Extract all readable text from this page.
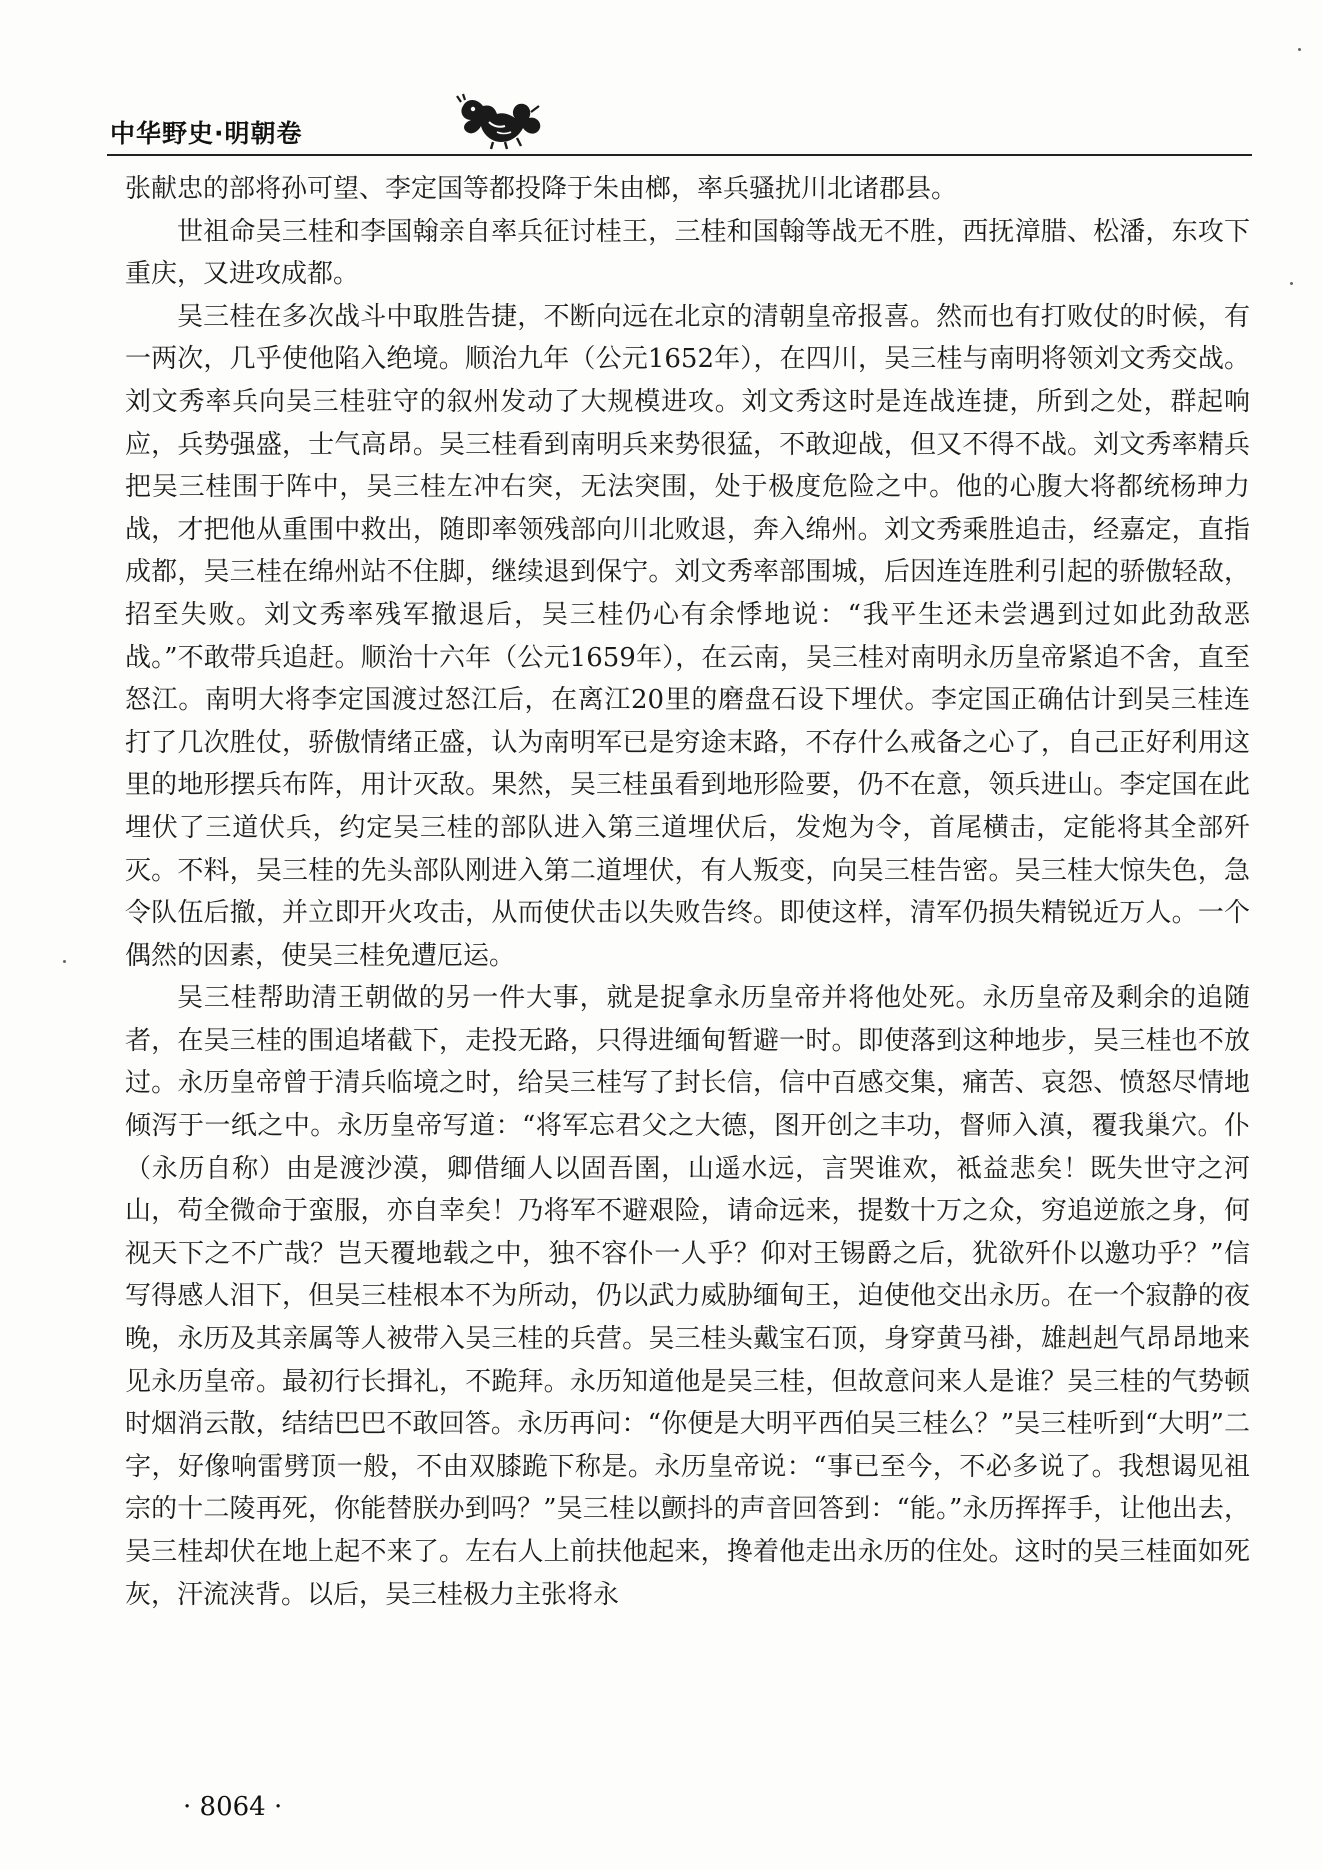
中华野史·明朝卷

张献忠的部将孙可望、李定国等都投降于朱由榔，率兵骚扰川北诸郡县。

世祖命吴三桂和李国翰亲自率兵征讨桂王，三桂和国翰等战无不胜，西抚漳腊、松潘，东攻下重庆，又进攻成都。

吴三桂在多次战斗中取胜告捷，不断向远在北京的清朝皇帝报喜。然而也有打败仗的时候，有一两次，几乎使他陷入绝境。顺治九年（公元1652年），在四川，吴三桂与南明将领刘文秀交战。刘文秀率兵向吴三桂驻守的叙州发动了大规模进攻。刘文秀这时是连战连捷，所到之处，群起响应，兵势强盛，士气高昂。吴三桂看到南明兵来势很猛，不敢迎战，但又不得不战。刘文秀率精兵把吴三桂围于阵中，吴三桂左冲右突，无法突围，处于极度危险之中。他的心腹大将都统杨珅力战，才把他从重围中救出，随即率领残部向川北败退，奔入绵州。刘文秀乘胜追击，经嘉定，直指成都，吴三桂在绵州站不住脚，继续退到保宁。刘文秀率部围城，后因连连胜利引起的骄傲轻敌，招至失败。刘文秀率残军撤退后，吴三桂仍心有余悸地说：“我平生还未尝遇到过如此劲敌恶战。”不敢带兵追赶。顺治十六年（公元1659年），在云南，吴三桂对南明永历皇帝紧追不舍，直至怒江。南明大将李定国渡过怒江后，在离江20里的磨盘石设下埋伏。李定国正确估计到吴三桂连打了几次胜仗，骄傲情绪正盛，认为南明军已是穷途末路，不存什么戒备之心了，自己正好利用这里的地形摆兵布阵，用计灭敌。果然，吴三桂虽看到地形险要，仍不在意，领兵进山。李定国在此埋伏了三道伏兵，约定吴三桂的部队进入第三道埋伏后，发炮为令，首尾横击，定能将其全部歼灭。不料，吴三桂的先头部队刚进入第二道埋伏，有人叛变，向吴三桂告密。吴三桂大惊失色，急令队伍后撤，并立即开火攻击，从而使伏击以失败告终。即使这样，清军仍损失精锐近万人。一个偶然的因素，使吴三桂免遭厄运。

吴三桂帮助清王朝做的另一件大事，就是捉拿永历皇帝并将他处死。永历皇帝及剩余的追随者，在吴三桂的围追堵截下，走投无路，只得进缅甸暂避一时。即使落到这种地步，吴三桂也不放过。永历皇帝曾于清兵临境之时，给吴三桂写了封长信，信中百感交集，痛苦、哀怨、愤怒尽情地倾泻于一纸之中。永历皇帝写道：“将军忘君父之大德，图开创之丰功，督师入滇，覆我巢穴。仆（永历自称）由是渡沙漠，卿借缅人以固吾圉，山遥水远，言哭谁欢，袛益悲矣！既失世守之河山，苟全微命于蛮服，亦自幸矣！乃将军不避艰险，请命远来，提数十万之众，穷追逆旅之身，何视天下之不广哉？岂天覆地载之中，独不容仆一人乎？仰对王锡爵之后，犹欲歼仆以邀功乎？”信写得感人泪下，但吴三桂根本不为所动，仍以武力威胁缅甸王，迫使他交出永历。在一个寂静的夜晚，永历及其亲属等人被带入吴三桂的兵营。吴三桂头戴宝石顶，身穿黄马褂，雄赳赳气昂昂地来见永历皇帝。最初行长揖礼，不跪拜。永历知道他是吴三桂，但故意问来人是谁？吴三桂的气势顿时烟消云散，结结巴巴不敢回答。永历再问：“你便是大明平西伯吴三桂么？”吴三桂听到“大明”二字，好像响雷劈顶一般，不由双膝跪下称是。永历皇帝说：“事已至今，不必多说了。我想谒见祖宗的十二陵再死，你能替朕办到吗？”吴三桂以颤抖的声音回答到：“能。”永历挥挥手，让他出去，吴三桂却伏在地上起不来了。左右人上前扶他起来，搀着他走出永历的住处。这时的吴三桂面如死灰，汗流浃背。以后，吴三桂极力主张将永

· 8064 ·
